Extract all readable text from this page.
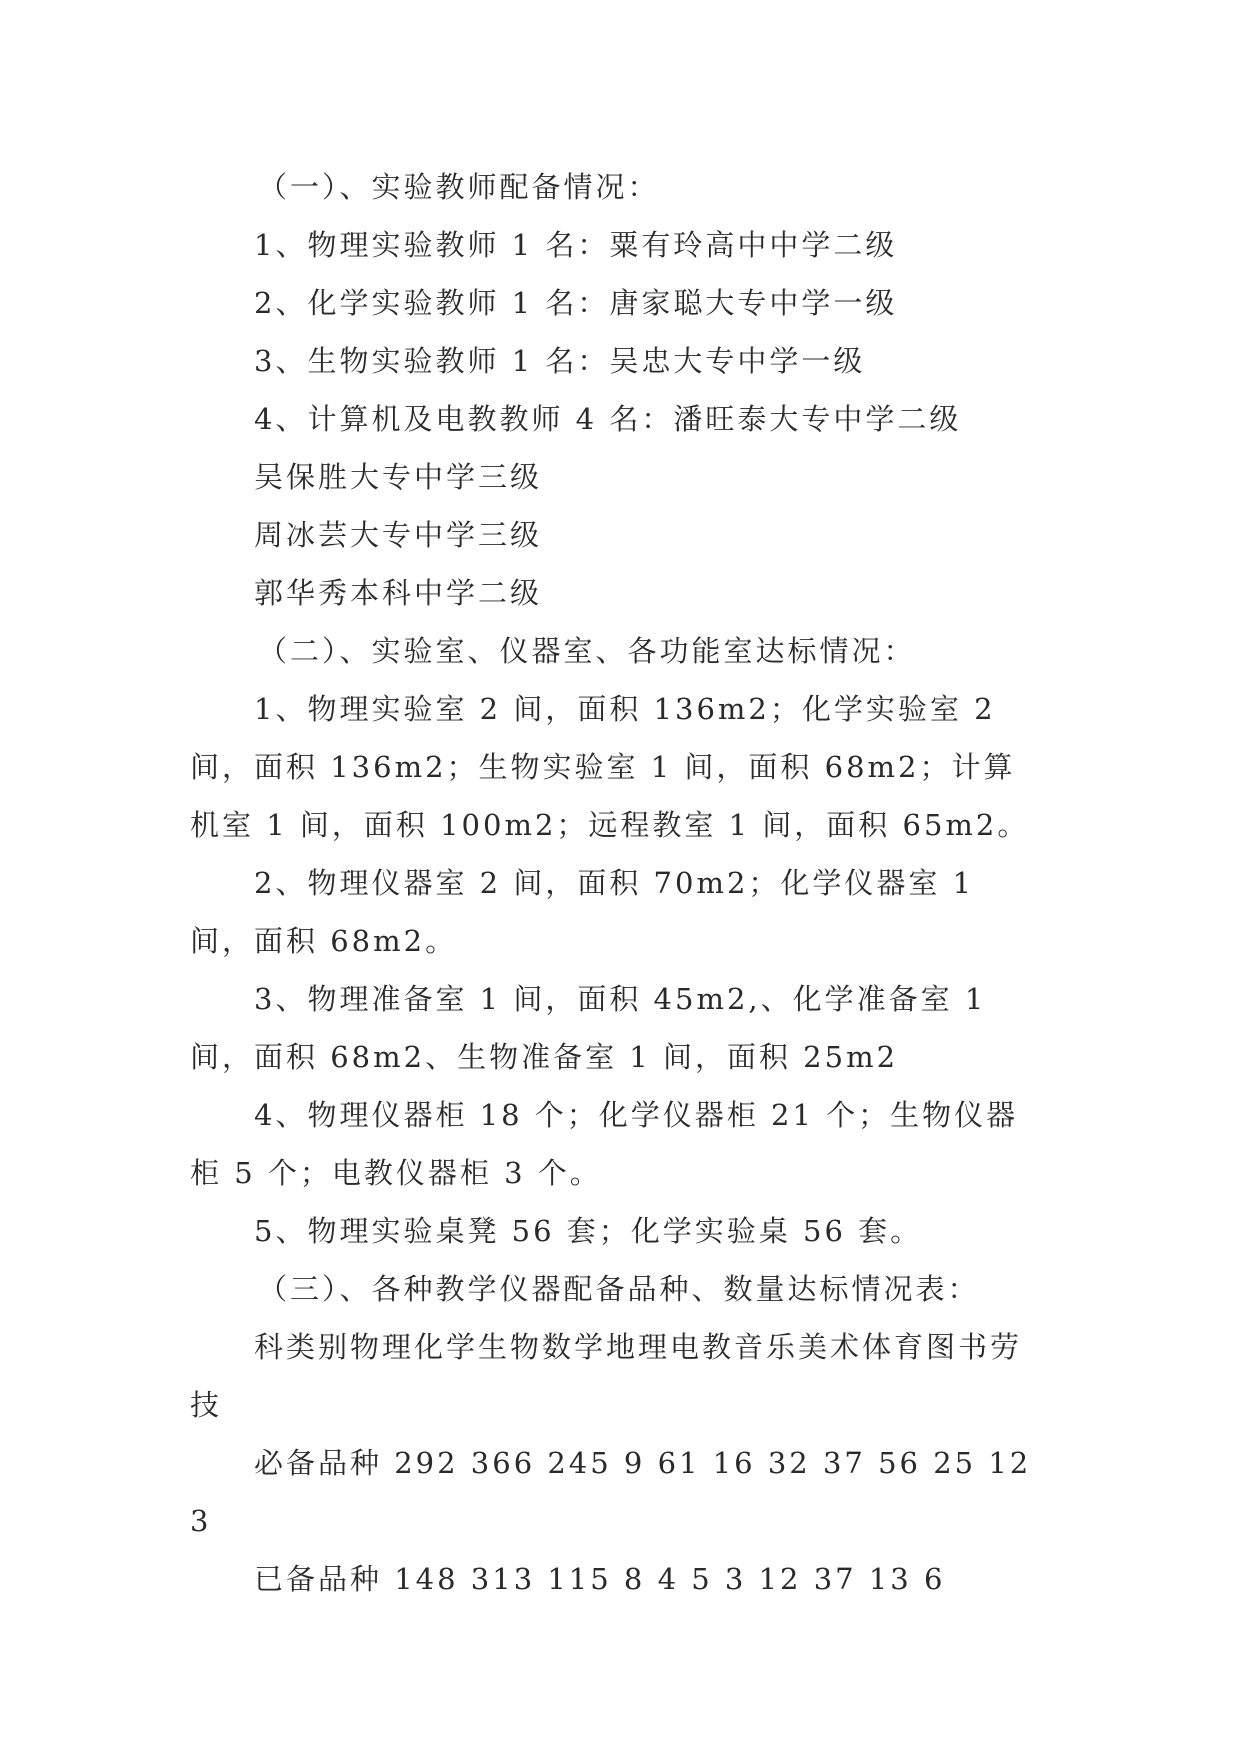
（一）、实验教师配备情况：

1、物理实验教师 1 名：粟有玲高中中学二级

2、化学实验教师 1 名：唐家聪大专中学一级

3、生物实验教师 1 名：吴忠大专中学一级

4、计算机及电教教师 4 名：潘旺泰大专中学二级

吴保胜大专中学三级

周冰芸大专中学三级

郭华秀本科中学二级

（二）、实验室、仪器室、各功能室达标情况：

1、物理实验室 2 间，面积 136m2；化学实验室 2 间，面积 136m2；生物实验室 1 间，面积 68m2；计算机室 1 间，面积 100m2；远程教室 1 间，面积 65m2。

2、物理仪器室 2 间，面积 70m2；化学仪器室 1 间，面积 68m2。

3、物理准备室 1 间，面积 45m2,、化学准备室 1 间，面积 68m2、生物准备室 1 间，面积 25m2

4、物理仪器柜 18 个；化学仪器柜 21 个；生物仪器柜 5 个；电教仪器柜 3 个。

5、物理实验桌凳 56 套；化学实验桌 56 套。

（三）、各种教学仪器配备品种、数量达标情况表：

科类别物理化学生物数学地理电教音乐美术体育图书劳技

必备品种 292 366 245 9 61 16 32 37 56 25 123

已备品种 148 313 115 8 4 5 3 12 37 13 6
